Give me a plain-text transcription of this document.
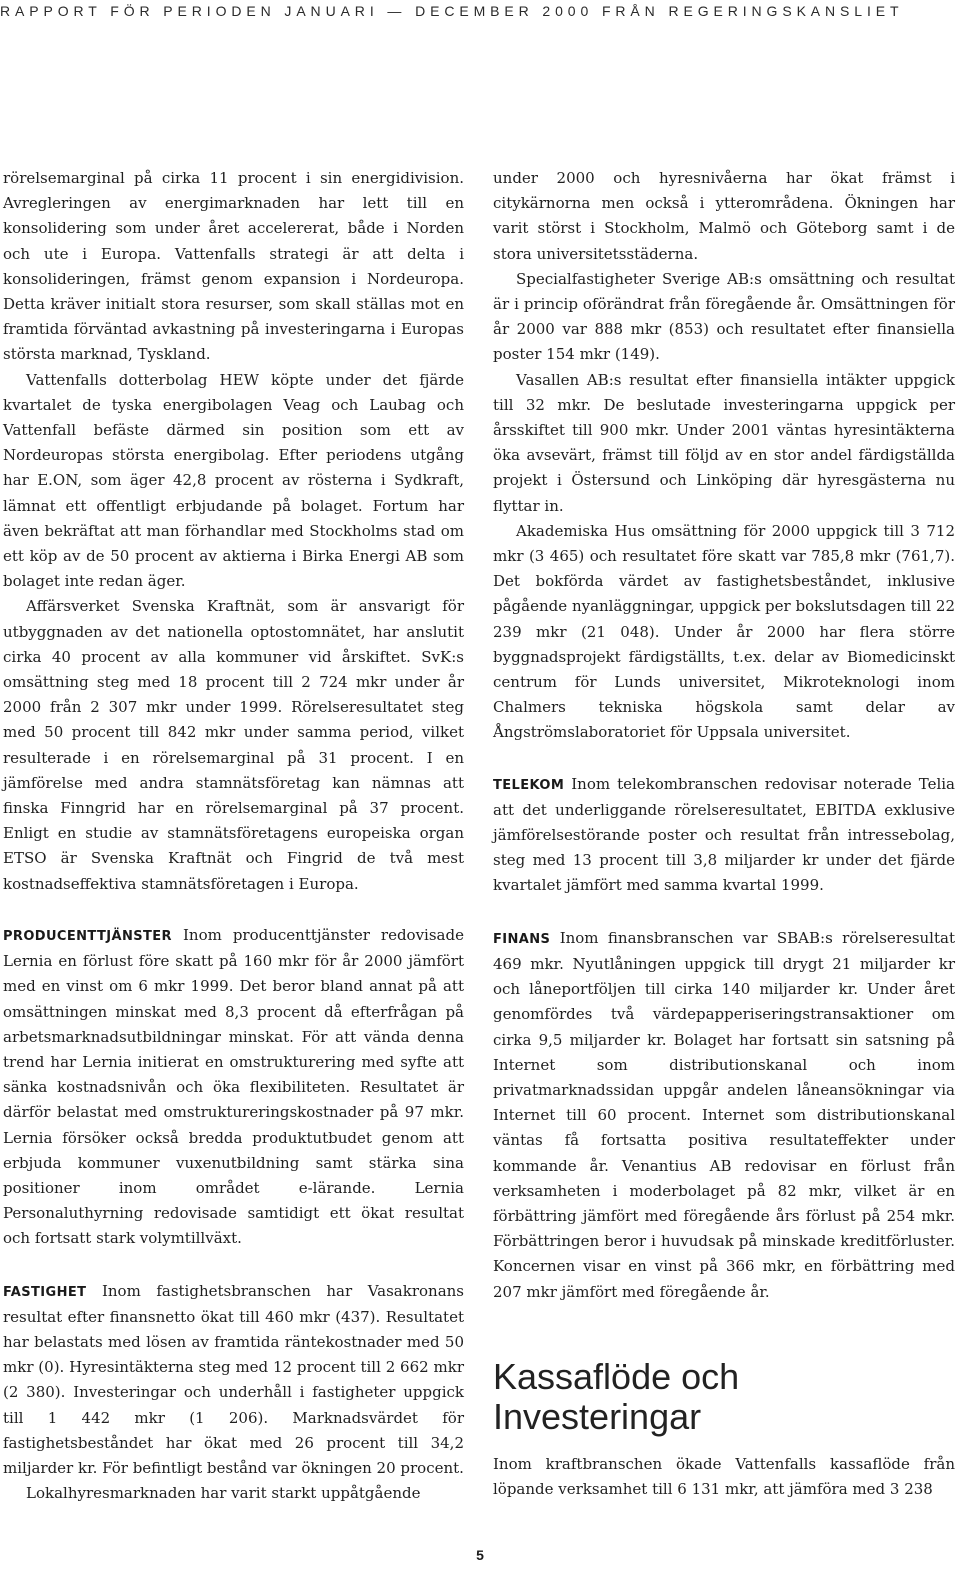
RAPPORT FÖR PERIODEN JANUARI — DECEMBER 2000 FRÅN REGERINGSKANSLIET

rörelsemarginal på cirka 11 procent i sin energidivision. Avregleringen av energimarknaden har lett till en konsolidering som under året accelererat, både i Norden och ute i Europa. Vattenfalls strategi är att delta i konsolideringen, främst genom expansion i Nordeuropa. Detta kräver initialt stora resurser, som skall ställas mot en framtida förväntad avkastning på investeringarna i Europas största marknad, Tyskland.

Vattenfalls dotterbolag HEW köpte under det fjärde kvartalet de tyska energibolagen Veag och Laubag och Vattenfall befäste därmed sin position som ett av Nordeuropas största energibolag. Efter periodens utgång har E.ON, som äger 42,8 procent av rösterna i Sydkraft, lämnat ett offentligt erbjudande på bolaget. Fortum har även bekräftat att man förhandlar med Stockholms stad om ett köp av de 50 procent av aktierna i Birka Energi AB som bolaget inte redan äger.

Affärsverket Svenska Kraftnät, som är ansvarigt för utbyggnaden av det nationella optostomnätet, har anslutit cirka 40 procent av alla kommuner vid årskiftet. SvK:s omsättning steg med 18 procent till 2 724 mkr under år 2000 från 2 307 mkr under 1999. Rörelseresultatet steg med 50 procent till 842 mkr under samma period, vilket resulterade i en rörelsemarginal på 31 procent. I en jämförelse med andra stamnätsföretag kan nämnas att finska Finngrid har en rörelsemarginal på 37 procent. Enligt en studie av stamnätsföretagens europeiska organ ETSO är Svenska Kraftnät och Fingrid de två mest kostnadseffektiva stamnätsföretagen i Europa.

PRODUCENTTJÄNSTER Inom producenttjänster redovisade Lernia en förlust före skatt på 160 mkr för år 2000 jämfört med en vinst om 6 mkr 1999. Det beror bland annat på att omsättningen minskat med 8,3 procent då efterfrågan på arbetsmarknadsutbildningar minskat. För att vända denna trend har Lernia initierat en omstrukturering med syfte att sänka kostnadsnivån och öka flexibiliteten. Resultatet är därför belastat med omstruktureringskostnader på 97 mkr. Lernia försöker också bredda produktutbudet genom att erbjuda kommuner vuxenutbildning samt stärka sina positioner inom området e-lärande. Lernia Personaluthyrning redovisade samtidigt ett ökat resultat och fortsatt stark volymtillväxt.

FASTIGHET Inom fastighetsbranschen har Vasakronans resultat efter finansnetto ökat till 460 mkr (437). Resultatet har belastats med lösen av framtida räntekostnader med 50 mkr (0). Hyresintäkterna steg med 12 procent till 2 662 mkr (2 380). Investeringar och underhåll i fastigheter uppgick till 1 442 mkr (1 206). Marknadsvärdet för fastighetsbeståndet har ökat med 26 procent till 34,2 miljarder kr. För befintligt bestånd var ökningen 20 procent.

Lokalhyresmarknaden har varit starkt uppåtgående

under 2000 och hyresnivåerna har ökat främst i citykärnorna men också i ytterområdena. Ökningen har varit störst i Stockholm, Malmö och Göteborg samt i de stora universitetsstäderna.

Specialfastigheter Sverige AB:s omsättning och resultat är i princip oförändrat från föregående år. Omsättningen för år 2000 var 888 mkr (853) och resultatet efter finansiella poster 154 mkr (149).

Vasallen AB:s resultat efter finansiella intäkter uppgick till 32 mkr. De beslutade investeringarna uppgick per årsskiftet till 900 mkr. Under 2001 väntas hyresintäkterna öka avsevärt, främst till följd av en stor andel färdigställda projekt i Östersund och Linköping där hyresgästerna nu flyttar in.

Akademiska Hus omsättning för 2000 uppgick till 3 712 mkr (3 465) och resultatet före skatt var 785,8 mkr (761,7). Det bokförda värdet av fastighetsbeståndet, inklusive pågående nyanläggningar, uppgick per bokslutsdagen till 22 239 mkr (21 048). Under år 2000 har flera större byggnadsprojekt färdigställts, t.ex. delar av Biomedicinskt centrum för Lunds universitet, Mikroteknologi inom Chalmers tekniska högskola samt delar av Ångströmslaboratoriet för Uppsala universitet.

TELEKOM Inom telekombranschen redovisar noterade Telia att det underliggande rörelseresultatet, EBITDA exklusive jämförelsestörande poster och resultat från intressebolag, steg med 13 procent till 3,8 miljarder kr under det fjärde kvartalet jämfört med samma kvartal 1999.

FINANS Inom finansbranschen var SBAB:s rörelseresultat 469 mkr. Nyutlåningen uppgick till drygt 21 miljarder kr och låneportföljen till cirka 140 miljarder kr. Under året genomfördes två värdepapperiseringstransaktioner om cirka 9,5 miljarder kr. Bolaget har fortsatt sin satsning på Internet som distributionskanal och inom privatmarknadssidan uppgår andelen låneansökningar via Internet till 60 procent. Internet som distributionskanal väntas få fortsatta positiva resultateffekter under kommande år. Venantius AB redovisar en förlust från verksamheten i moderbolaget på 82 mkr, vilket är en förbättring jämfört med föregående års förlust på 254 mkr. Förbättringen beror i huvudsak på minskade kreditförluster. Koncernen visar en vinst på 366 mkr, en förbättring med 207 mkr jämfört med föregående år.

Kassaflöde och
Investeringar

Inom kraftbranschen ökade Vattenfalls kassaflöde från löpande verksamhet till 6 131 mkr, att jämföra med 3 238

5
